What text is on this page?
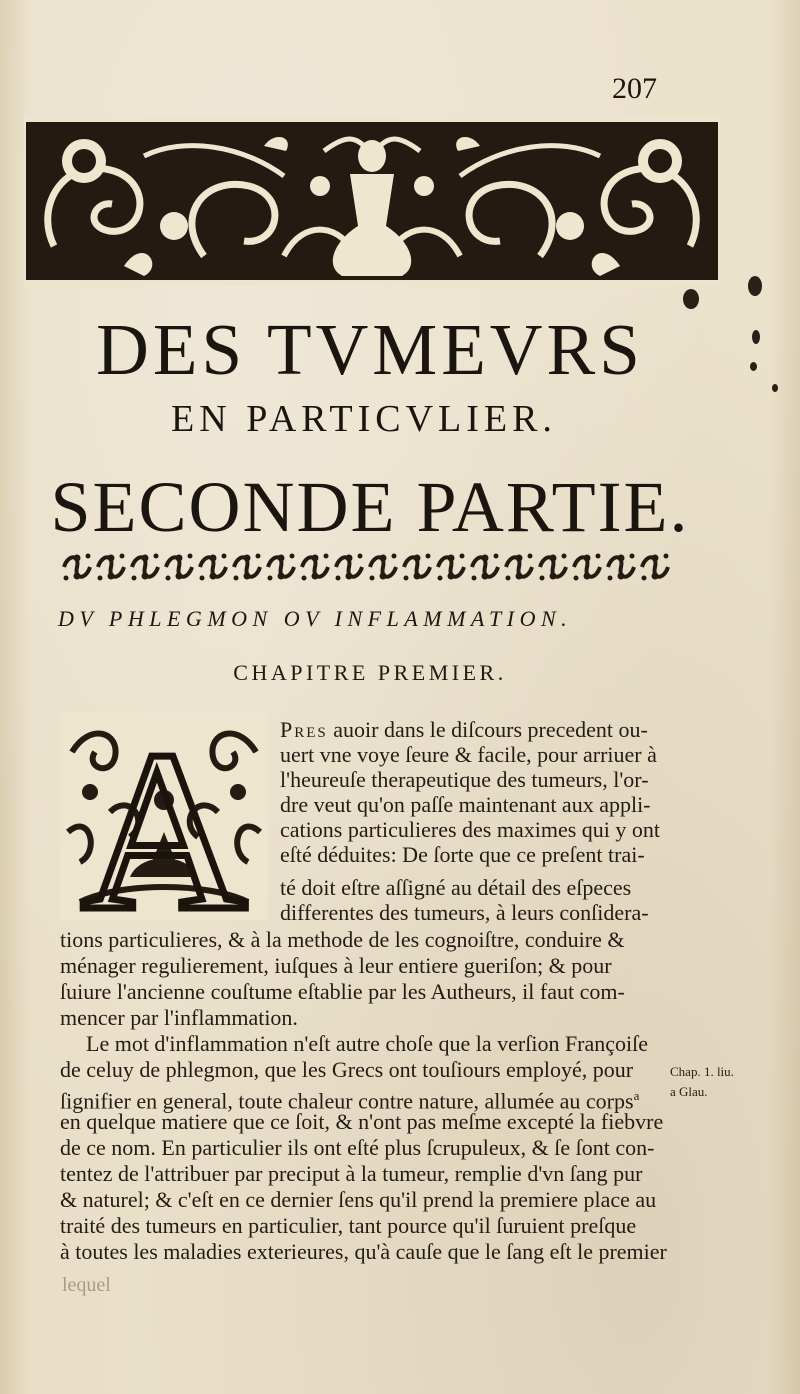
207
DES TVMEVRS
EN PARTICVLIER.
SECONDE PARTIE.
DV PHLEGMON OV INFLAMMATION.
CHAPITRE PREMIER.
A Pres auoir dans le diſcours precedent ou-
uert vne voye ſeure & facile, pour arriuer à
l'heureuſe therapeutique des tumeurs, l'or-
dre veut qu'on paſſe maintenant aux appli-
cations particulieres des maximes qui y ont
eſté déduites: De ſorte que ce preſent trai-
té doit eſtre aſſigné au détail des eſpeces
differentes des tumeurs, à leurs conſidera-
tions particulieres, & à la methode de les cognoiſtre, conduire &
ménager regulierement, iuſques à leur entiere gueriſon; & pour
ſuiure l'ancienne couſtume eſtablie par les Autheurs, il faut com-
mencer par l'inflammation.
Le mot d'inflammation n'eſt autre choſe que la verſion Françoiſe
de celuy de phlegmon, que les Grecs ont touſiours employé, pour
ſignifier en general, toute chaleur contre nature, allumée au corps$^a$
en quelque matiere que ce ſoit, & n'ont pas meſme excepté la fiebvre
de ce nom. En particulier ils ont eſté plus ſcrupuleux, & ſe ſont con-
tentez de l'attribuer par preciput à la tumeur, remplie d'vn ſang pur
& naturel; & c'eſt en ce dernier ſens qu'il prend la premiere place au
traité des tumeurs en particulier, tant pource qu'il ſuruient preſque
à toutes les maladies exterieures, qu'à cauſe que le ſang eſt le premier
Chap. 1. liu.
a Glau.
lequel
